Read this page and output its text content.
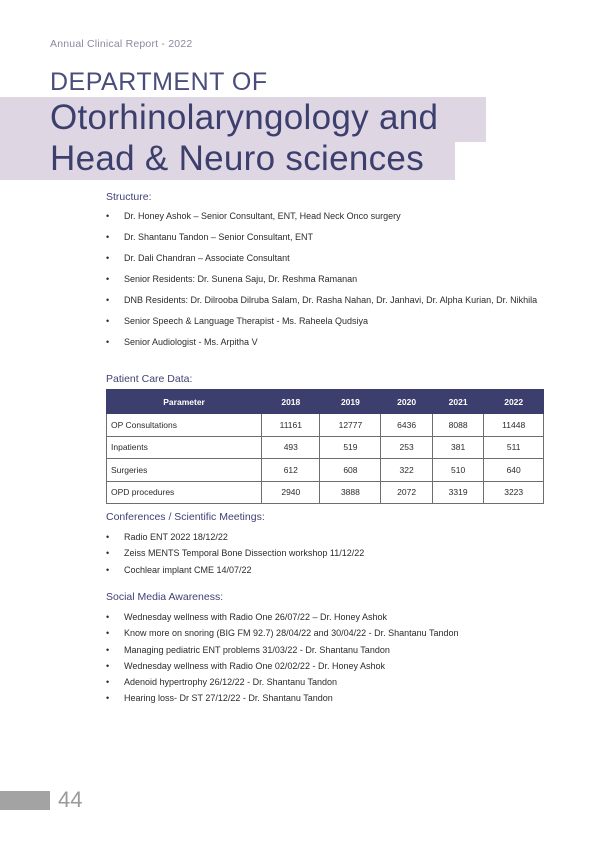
Annual Clinical Report - 2022
DEPARTMENT OF
Otorhinolaryngology and
Head & Neuro sciences
Structure:
• Dr. Honey Ashok – Senior Consultant, ENT, Head Neck Onco surgery
• Dr. Shantanu Tandon – Senior Consultant, ENT
• Dr. Dali Chandran – Associate Consultant
• Senior Residents: Dr. Sunena Saju, Dr. Reshma Ramanan
• DNB Residents: Dr. Dilrooba Dilruba Salam, Dr. Rasha Nahan, Dr. Janhavi, Dr. Alpha Kurian, Dr. Nikhila
• Senior Speech & Language Therapist - Ms. Raheela Qudsiya
• Senior Audiologist - Ms. Arpitha V
Patient Care Data:
Parameter	2018	2019	2020	2021	2022
OP Consultations	11161	12777	6436	8088	11448
Inpatients	493	519	253	381	511
Surgeries	612	608	322	510	640
OPD procedures	2940	3888	2072	3319	3223
Conferences / Scientific Meetings:
• Radio ENT 2022 18/12/22
• Zeiss MENTS Temporal Bone Dissection workshop 11/12/22
• Cochlear implant CME 14/07/22
Social Media Awareness:
• Wednesday wellness with Radio One 26/07/22 – Dr. Honey Ashok
• Know more on snoring (BIG FM 92.7) 28/04/22 and 30/04/22 - Dr. Shantanu Tandon
• Managing pediatric ENT problems 31/03/22 - Dr. Shantanu Tandon
• Wednesday wellness with Radio One 02/02/22 - Dr. Honey Ashok
• Adenoid hypertrophy 26/12/22 - Dr. Shantanu Tandon
• Hearing loss- Dr ST 27/12/22 - Dr. Shantanu Tandon
44
